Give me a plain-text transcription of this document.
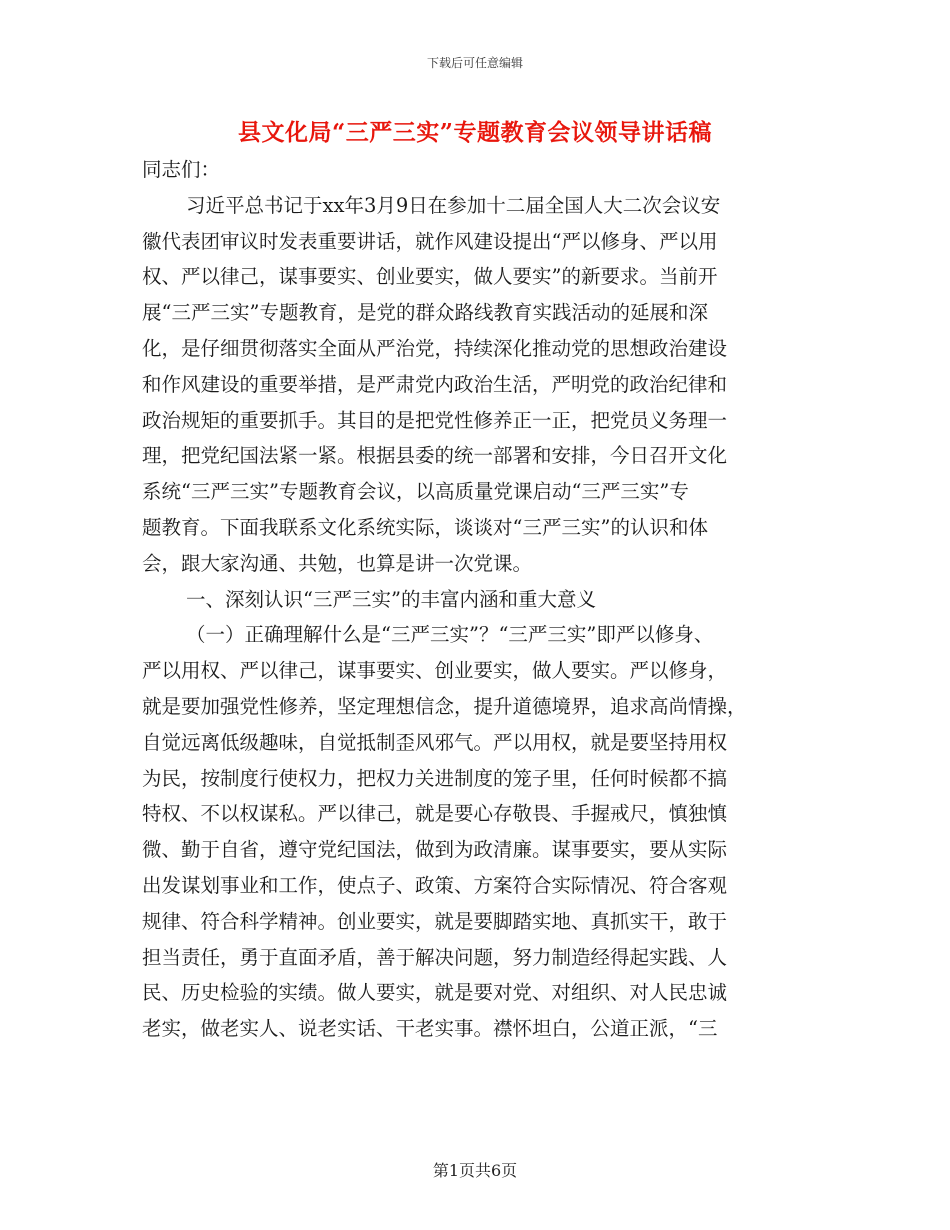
下载后可任意编辑
县文化局“三严三实”专题教育会议领导讲话稿
同志们：
习近平总书记于xx年3月9日在参加十二届全国人大二次会议安
徽代表团审议时发表重要讲话，就作风建设提出“严以修身、严以用
权、严以律己，谋事要实、创业要实，做人要实”的新要求。当前开
展“三严三实”专题教育，是党的群众路线教育实践活动的延展和深
化，是仔细贯彻落实全面从严治党，持续深化推动党的思想政治建设
和作风建设的重要举措，是严肃党内政治生活，严明党的政治纪律和
政治规矩的重要抓手。其目的是把党性修养正一正，把党员义务理一
理，把党纪国法紧一紧。根据县委的统一部署和安排，今日召开文化
系统“三严三实”专题教育会议，以高质量党课启动“三严三实”专
题教育。下面我联系文化系统实际，谈谈对“三严三实”的认识和体
会，跟大家沟通、共勉，也算是讲一次党课。
一、深刻认识“三严三实”的丰富内涵和重大意义
（一）正确理解什么是“三严三实”？“三严三实”即严以修身、
严以用权、严以律己，谋事要实、创业要实，做人要实。严以修身，
就是要加强党性修养，坚定理想信念，提升道德境界，追求高尚情操，
自觉远离低级趣味，自觉抵制歪风邪气。严以用权，就是要坚持用权
为民，按制度行使权力，把权力关进制度的笼子里，任何时候都不搞
特权、不以权谋私。严以律己，就是要心存敬畏、手握戒尺，慎独慎
微、勤于自省，遵守党纪国法，做到为政清廉。谋事要实，要从实际
出发谋划事业和工作，使点子、政策、方案符合实际情况、符合客观
规律、符合科学精神。创业要实，就是要脚踏实地、真抓实干，敢于
担当责任，勇于直面矛盾，善于解决问题，努力制造经得起实践、人
民、历史检验的实绩。做人要实，就是要对党、对组织、对人民忠诚
老实，做老实人、说老实话、干老实事。襟怀坦白，公道正派，“三
第1页共6页
